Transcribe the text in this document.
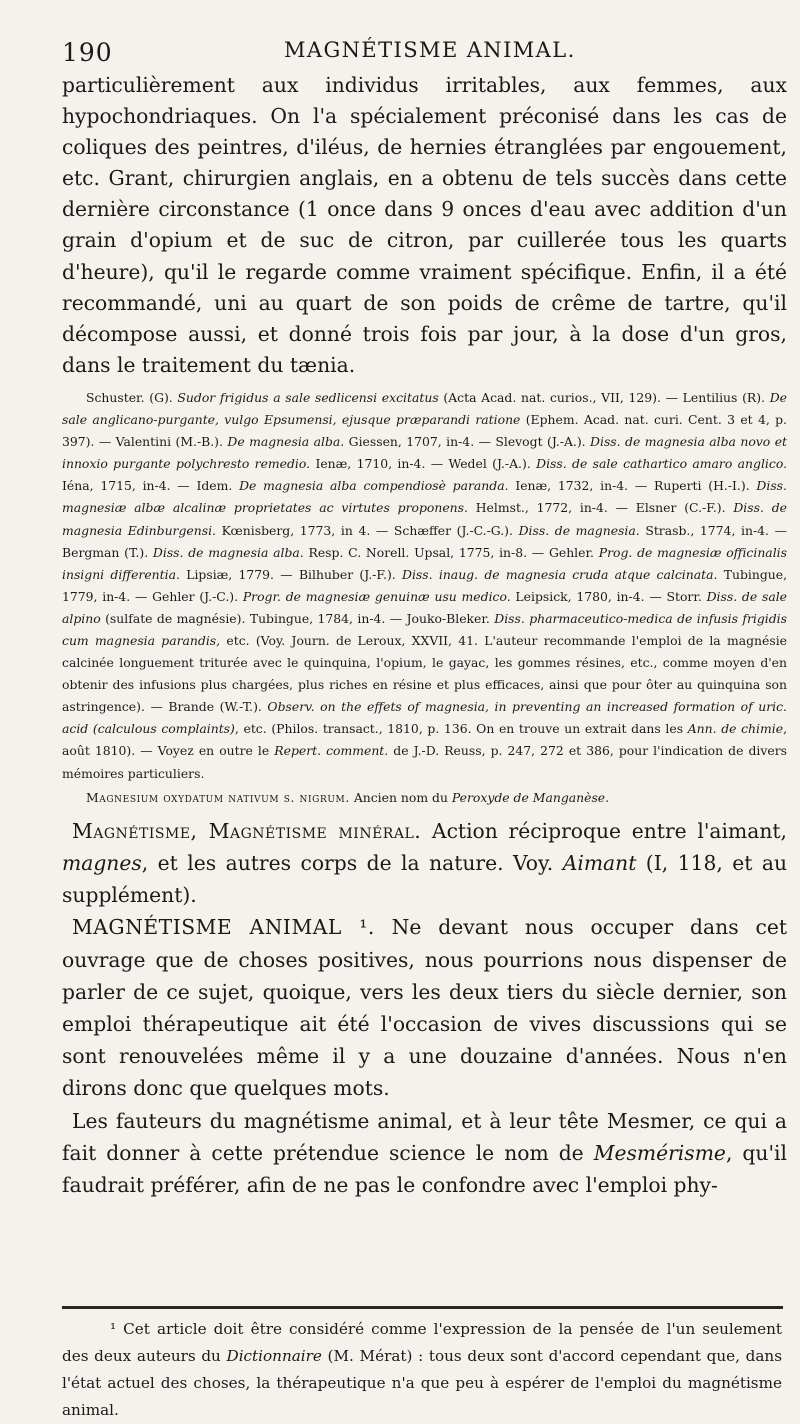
190	MAGNÉTISME ANIMAL.

particulièrement aux individus irritables, aux femmes, aux hypochondriaques. On l'a spécialement préconisé dans les cas de coliques des peintres, d'iléus, de hernies étranglées par engouement, etc. Grant, chirurgien anglais, en a obtenu de tels succès dans cette dernière circonstance (1 once dans 9 onces d'eau avec addition d'un grain d'opium et de suc de citron, par cuillerée tous les quarts d'heure), qu'il le regarde comme vraiment spécifique. Enfin, il a été recommandé, uni au quart de son poids de crême de tartre, qu'il décompose aussi, et donné trois fois par jour, à la dose d'un gros, dans le traitement du tænia.

Schuster. (G). Sudor frigidus a sale sedlicensi excitatus (Acta Acad. nat. curios., VII, 129). — Lentilius (R). De sale anglicano-purgante, vulgo Epsumensi, ejusque præparandi ratione (Ephem. Acad. nat. curi. Cent. 3 et 4, p. 397). — Valentini (M.-B.). De magnesia alba. Giessen, 1707, in-4. — Slevogt (J.-A.). Diss. de magnesia alba novo et innoxio purgante polychresto remedio. Ienæ, 1710, in-4. — Wedel (J.-A.). Diss. de sale cathartico amaro anglico. Iéna, 1715, in-4. — Idem. De magnesia alba compendiosè paranda. Ienæ, 1732, in-4. — Ruperti (H.-I.). Diss. magnesiæ albæ alcalinæ proprietates ac virtutes proponens. Helmst., 1772, in-4. — Elsner (C.-F.). Diss. de magnesia Edinburgensi. Kœnisberg, 1773, in 4. — Schæffer (J.-C.-G.). Diss. de magnesia. Strasb., 1774, in-4. — Bergman (T.). Diss. de magnesia alba. Resp. C. Norell. Upsal, 1775, in-8. — Gehler. Prog. de magnesiæ officinalis insigni differentia. Lipsiæ, 1779. — Bilhuber (J.-F.). Diss. inaug. de magnesia cruda atque calcinata. Tubingue, 1779, in-4. — Gehler (J.-C.). Progr. de magnesiæ genuinæ usu medico. Leipsick, 1780, in-4. — Storr. Diss. de sale alpino (sulfate de magnésie). Tubingue, 1784, in-4. — Jouko-Bleker. Diss. pharmaceutico-medica de infusis frigidis cum magnesia parandis, etc. (Voy. Journ. de Leroux, XXVII, 41. L'auteur recommande l'emploi de la magnésie calcinée longuement triturée avec le quinquina, l'opium, le gayac, les gommes résines, etc., comme moyen d'en obtenir des infusions plus chargées, plus riches en résine et plus efficaces, ainsi que pour ôter au quinquina son astringence). — Brande (W.-T.). Observ. on the effets of magnesia, in preventing an increased formation of uric. acid (calculous complaints), etc. (Philos. transact., 1810, p. 136. On en trouve un extrait dans les Ann. de chimie, août 1810). — Voyez en outre le Repert. comment. de J.-D. Reuss, p. 247, 272 et 386, pour l'indication de divers mémoires particuliers.

Magnesium oxydatum nativum s. nigrum. Ancien nom du Peroxyde de Manganèse.

Magnétisme, Magnétisme minéral. Action réciproque entre l'aimant, magnes, et les autres corps de la nature. Voy. Aimant (I, 118, et au supplément).

MAGNÉTISME ANIMAL ¹. Ne devant nous occuper dans cet ouvrage que de choses positives, nous pourrions nous dispenser de parler de ce sujet, quoique, vers les deux tiers du siècle dernier, son emploi thérapeutique ait été l'occasion de vives discussions qui se sont renouvelées même il y a une douzaine d'années. Nous n'en dirons donc que quelques mots.

Les fauteurs du magnétisme animal, et à leur tête Mesmer, ce qui a fait donner à cette prétendue science le nom de Mesmérisme, qu'il faudrait préférer, afin de ne pas le confondre avec l'emploi phy-

¹ Cet article doit être considéré comme l'expression de la pensée de l'un seulement des deux auteurs du Dictionnaire (M. Mérat) : tous deux sont d'accord cependant que, dans l'état actuel des choses, la thérapeutique n'a que peu à espérer de l'emploi du magnétisme animal.
